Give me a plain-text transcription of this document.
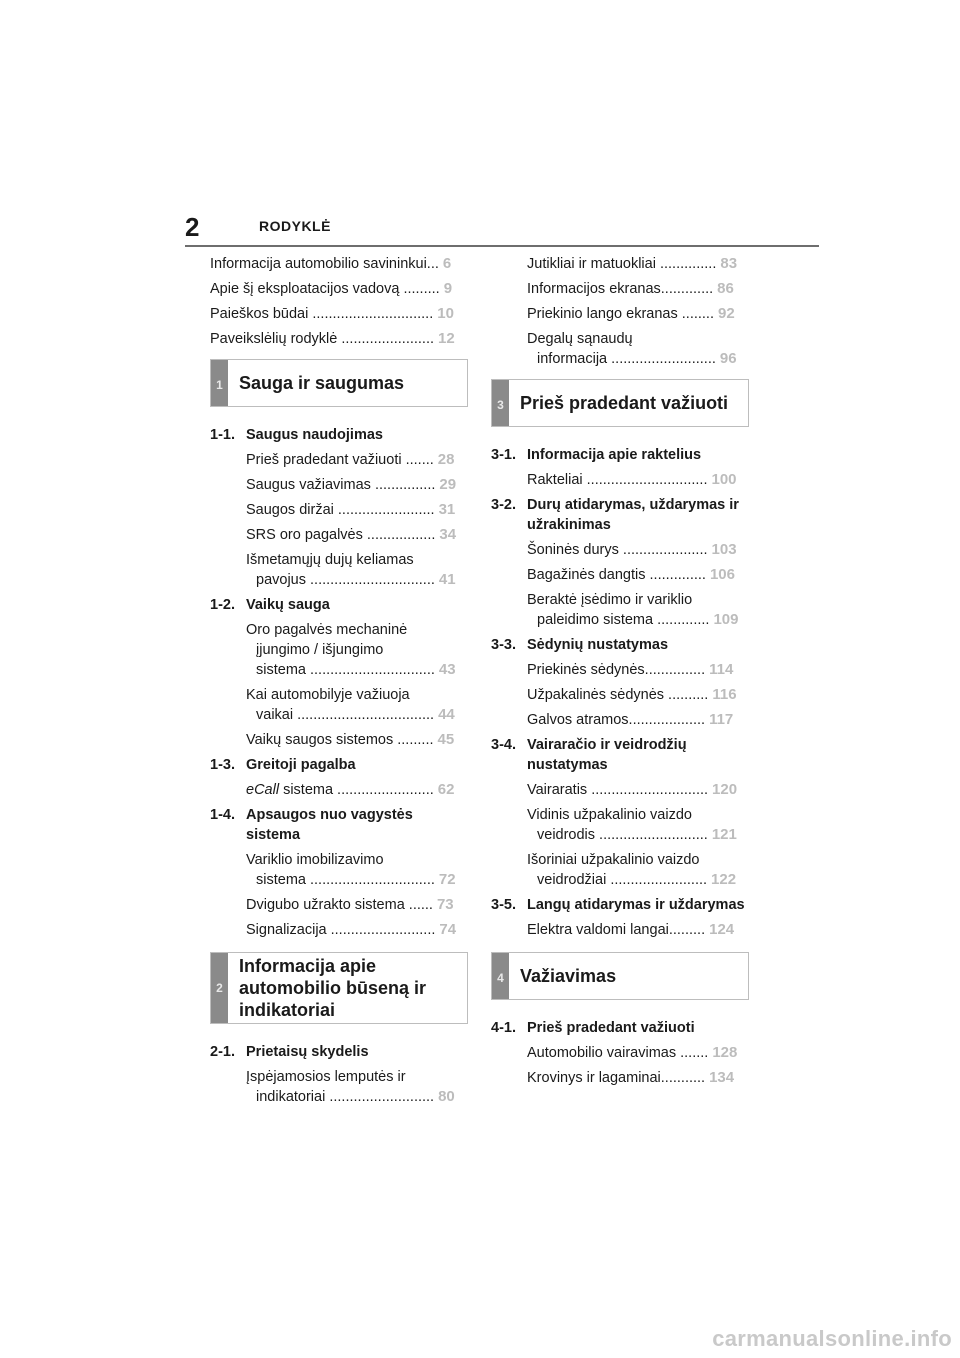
2	RODYKLĖ
Informacija automobilio savininkui... 6
Apie šį eksploatacijos vadovą ......... 9
Paieškos būdai .............................. 10
Paveikslėlių rodyklė ....................... 12
1 Sauga ir saugumas
1-1. Saugus naudojimas
Prieš pradedant važiuoti ....... 28
Saugus važiavimas ............... 29
Saugos diržai ........................ 31
SRS oro pagalvės ................. 34
Išmetamųjų dujų keliamas
pavojus ............................... 41
1-2. Vaikų sauga
Oro pagalvės mechaninė
įjungimo / išjungimo
sistema ............................... 43
Kai automobilyje važiuoja
vaikai .................................. 44
Vaikų saugos sistemos ......... 45
1-3. Greitoji pagalba
eCall sistema ........................ 62
1-4. Apsaugos nuo vagystės sistema
Variklio imobilizavimo
sistema ............................... 72
Dvigubo užrakto sistema ...... 73
Signalizacija .......................... 74
2
Informacija apie automobilio būseną ir indikatoriai
2-1. Prietaisų skydelis
Įspėjamosios lemputės ir
indikatoriai .......................... 80
Jutikliai ir matuokliai .............. 83
Informacijos ekranas............. 86
Priekinio lango ekranas ........ 92
Degalų sąnaudų
informacija .......................... 96
3 Prieš pradedant važiuoti
3-1. Informacija apie raktelius
Rakteliai .............................. 100
3-2. Durų atidarymas, uždarymas ir užrakinimas
Šoninės durys ..................... 103
Bagažinės dangtis .............. 106
Beraktė įsėdimo ir variklio
paleidimo sistema ............. 109
3-3. Sėdynių nustatymas
Priekinės sėdynės............... 114
Užpakalinės sėdynės .......... 116
Galvos atramos................... 117
3-4. Vairaračio ir veidrodžių nustatymas
Vairaratis ............................. 120
Vidinis užpakalinio vaizdo
veidrodis ........................... 121
Išoriniai užpakalinio vaizdo
veidrodžiai ........................ 122
3-5. Langų atidarymas ir uždarymas
Elektra valdomi langai......... 124
4 Važiavimas
4-1. Prieš pradedant važiuoti
Automobilio vairavimas ....... 128
Krovinys ir lagaminai........... 134
carmanualsonline.info
